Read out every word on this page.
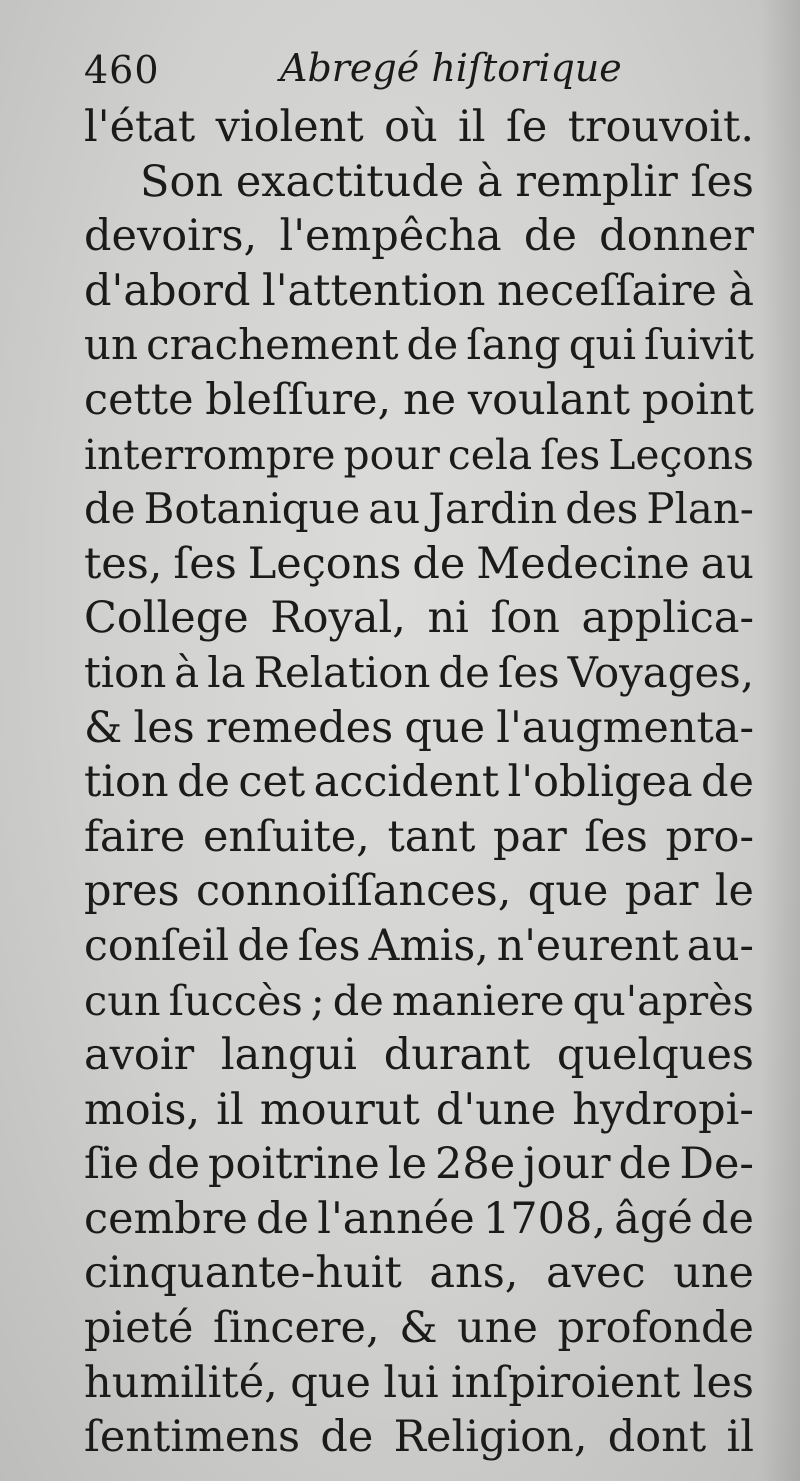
460	Abregé hiſtorique
l'état violent où il ſe trouvoit.
Son exactitude à remplir ſes
devoirs, l'empêcha de donner
d'abord l'attention neceſſaire à
un crachement de ſang qui ſuivit
cette bleſſure, ne voulant point
interrompre pour cela ſes Leçons
de Botanique au Jardin des Plan-
tes, ſes Leçons de Medecine au
College Royal, ni ſon applica-
tion à la Relation de ſes Voyages,
& les remedes que l'augmenta-
tion de cet accident l'obligea de
faire enſuite, tant par ſes pro-
pres connoiſſances, que par le
conſeil de ſes Amis, n'eurent au-
cun ſuccès ; de maniere qu'après
avoir langui durant quelques
mois, il mourut d'une hydropi-
ſie de poitrine le 28e jour de De-
cembre de l'année 1708, âgé de
cinquante-huit ans, avec une
pieté ſincere, & une profonde
humilité, que lui inſpiroient les
ſentimens de Religion, dont il
